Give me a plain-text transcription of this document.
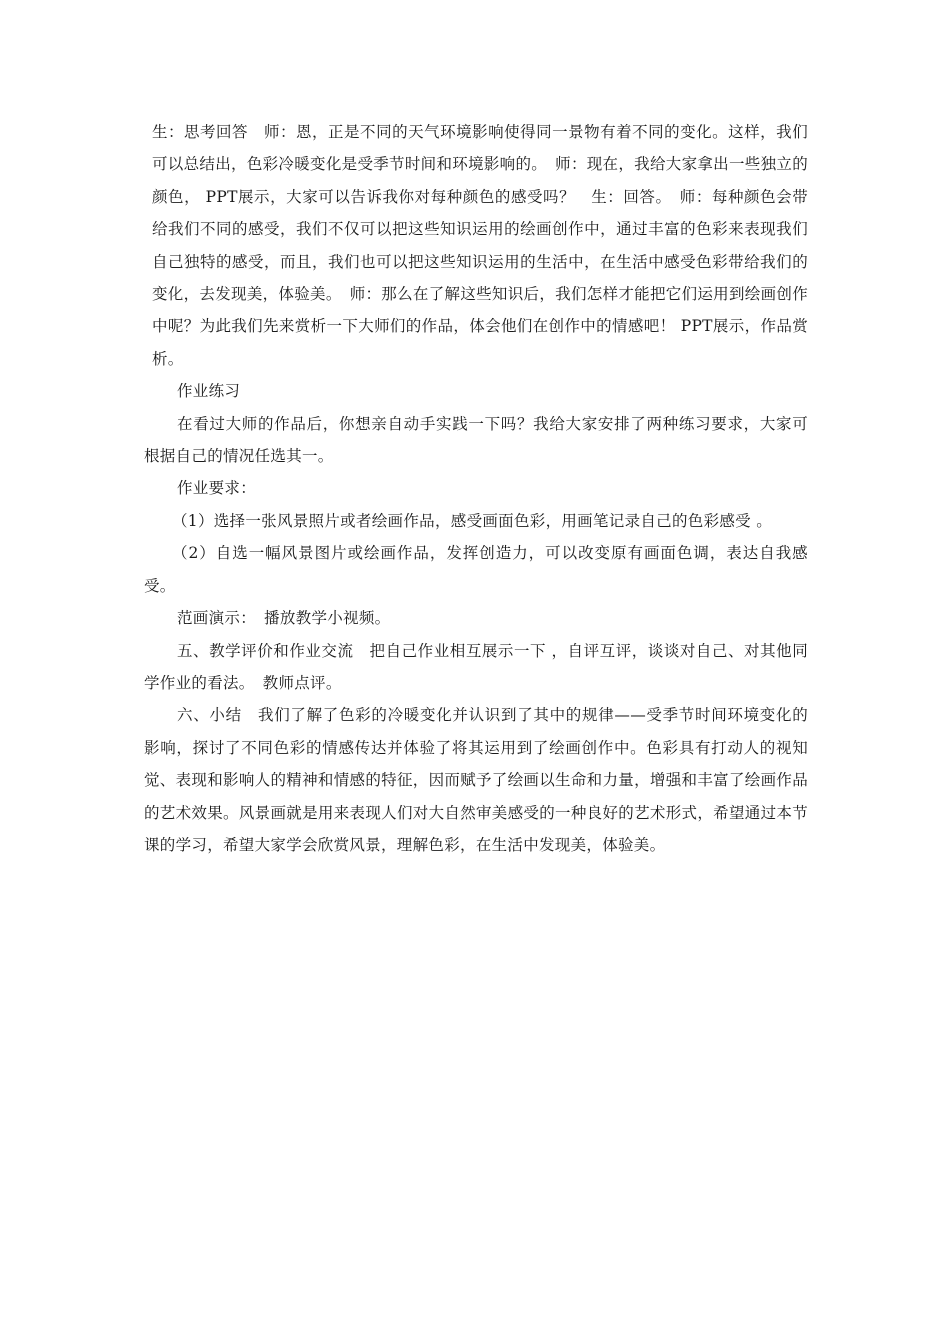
生：思考回答　师：恩，正是不同的天气环境影响使得同一景物有着不同的变化。这样，我们可以总结出，色彩冷暖变化是受季节时间和环境影响的。　师：现在，我给大家拿出一些独立的颜色， PPT展示，大家可以告诉我你对每种颜色的感受吗？　生：回答。　师：每种颜色会带给我们不同的感受，我们不仅可以把这些知识运用的绘画创作中，通过丰富的色彩来表现我们自己独特的感受，而且，我们也可以把这些知识运用的生活中，在生活中感受色彩带给我们的变化，去发现美，体验美。　师：那么在了解这些知识后，我们怎样才能把它们运用到绘画创作中呢？为此我们先来赏析一下大师们的作品，体会他们在创作中的情感吧！ PPT展示，作品赏析。

作业练习

在看过大师的作品后，你想亲自动手实践一下吗？我给大家安排了两种练习要求，大家可根据自己的情况任选其一。

作业要求：

（1）选择一张风景照片或者绘画作品，感受画面色彩，用画笔记录自己的色彩感受 。

（2）自选一幅风景图片或绘画作品，发挥创造力，可以改变原有画面色调，表达自我感受。

范画演示：　播放教学小视频。

五、教学评价和作业交流　把自己作业相互展示一下 ，自评互评，谈谈对自己、对其他同学作业的看法。　教师点评。

六、小结　我们了解了色彩的冷暖变化并认识到了其中的规律——受季节时间环境变化的影响，探讨了不同色彩的情感传达并体验了将其运用到了绘画创作中。色彩具有打动人的视知觉、表现和影响人的精神和情感的特征，因而赋予了绘画以生命和力量，增强和丰富了绘画作品的艺术效果。风景画就是用来表现人们对大自然审美感受的一种良好的艺术形式，希望通过本节课的学习，希望大家学会欣赏风景，理解色彩，在生活中发现美，体验美。
